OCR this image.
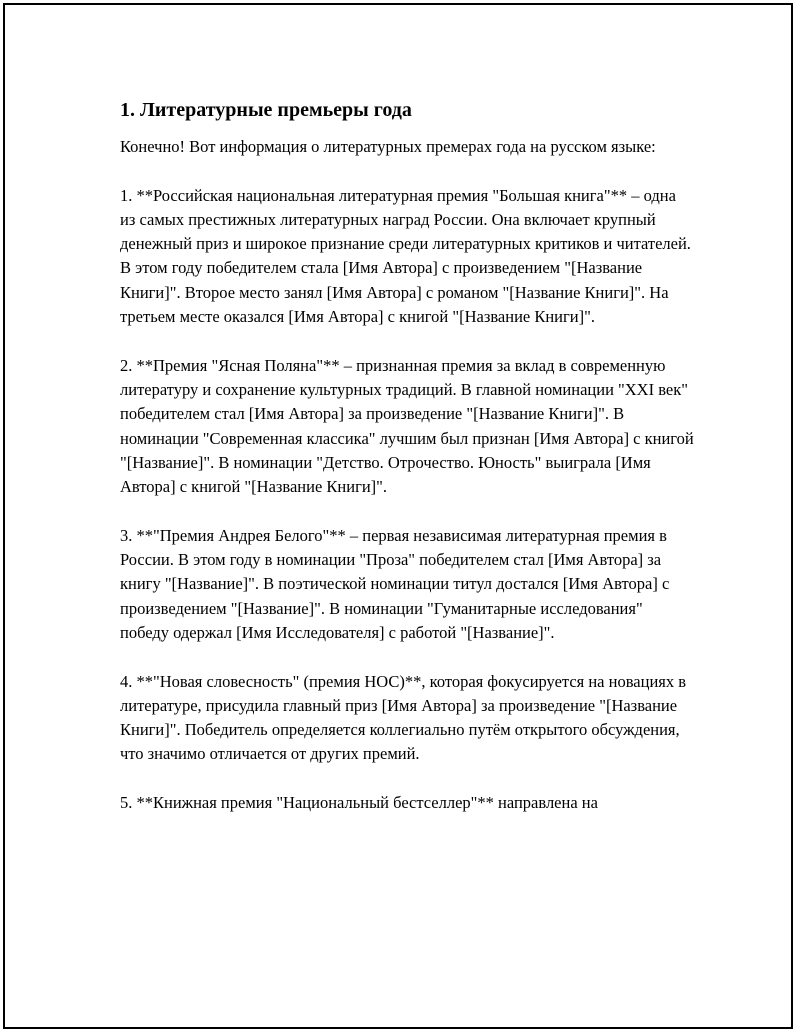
1. Литературные премьеры года

Конечно! Вот информация о литературных премерах года на русском языке:

1. **Российская национальная литературная премия "Большая книга"** – одна из самых престижных литературных наград России. Она включает крупный денежный приз и широкое признание среди литературных критиков и читателей. В этом году победителем стала [Имя Автора] с произведением "[Название Книги]". Второе место занял [Имя Автора] с романом "[Название Книги]". На третьем месте оказался [Имя Автора] с книгой "[Название Книги]".

2. **Премия "Ясная Поляна"** – признанная премия за вклад в современную литературу и сохранение культурных традиций. В главной номинации "XXI век" победителем стал [Имя Автора] за произведение "[Название Книги]". В номинации "Современная классика" лучшим был признан [Имя Автора] с книгой "[Название]". В номинации "Детство. Отрочество. Юность" выиграла [Имя Автора] с книгой "[Название Книги]".

3. **"Премия Андрея Белого"** – первая независимая литературная премия в России. В этом году в номинации "Проза" победителем стал [Имя Автора] за книгу "[Название]". В поэтической номинации титул достался [Имя Автора] с произведением "[Название]". В номинации "Гуманитарные исследования" победу одержал [Имя Исследователя] с работой "[Название]".

4. **"Новая словесность" (премия НОС)**, которая фокусируется на новациях в литературе, присудила главный приз [Имя Автора] за произведение "[Название Книги]". Победитель определяется коллегиально путём открытого обсуждения, что значимо отличается от других премий.

5. **Книжная премия "Национальный бестселлер"** направлена на
